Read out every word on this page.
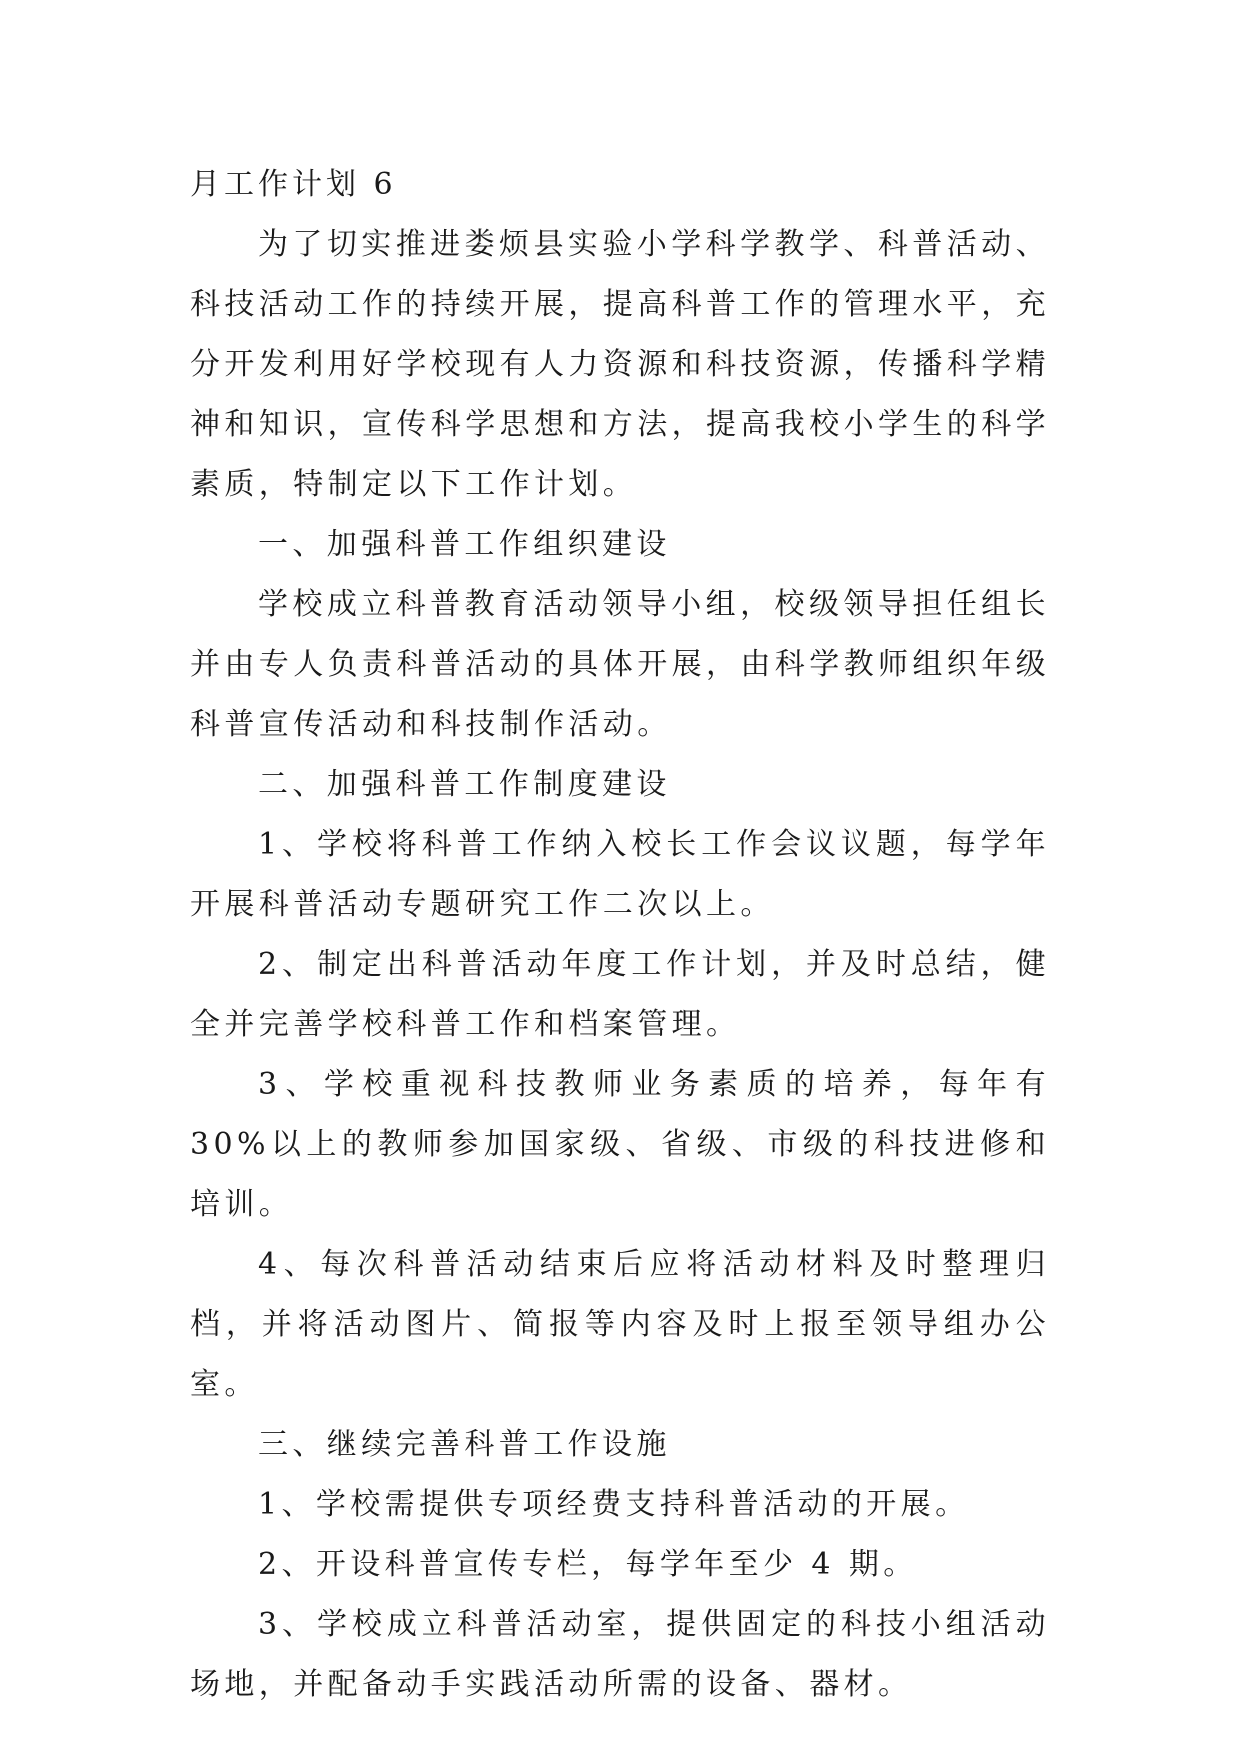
月工作计划 6

为了切实推进娄烦县实验小学科学教学、科普活动、科技活动工作的持续开展，提高科普工作的管理水平，充分开发利用好学校现有人力资源和科技资源，传播科学精神和知识，宣传科学思想和方法，提高我校小学生的科学素质，特制定以下工作计划。

一、加强科普工作组织建设

学校成立科普教育活动领导小组，校级领导担任组长并由专人负责科普活动的具体开展，由科学教师组织年级科普宣传活动和科技制作活动。

二、加强科普工作制度建设

1、学校将科普工作纳入校长工作会议议题，每学年开展科普活动专题研究工作二次以上。

2、制定出科普活动年度工作计划，并及时总结，健全并完善学校科普工作和档案管理。

3、学校重视科技教师业务素质的培养，每年有 30%以上的教师参加国家级、省级、市级的科技进修和培训。

4、每次科普活动结束后应将活动材料及时整理归档，并将活动图片、简报等内容及时上报至领导组办公室。

三、继续完善科普工作设施

1、学校需提供专项经费支持科普活动的开展。

2、开设科普宣传专栏，每学年至少 4 期。

3、学校成立科普活动室，提供固定的科技小组活动场地，并配备动手实践活动所需的设备、器材。
